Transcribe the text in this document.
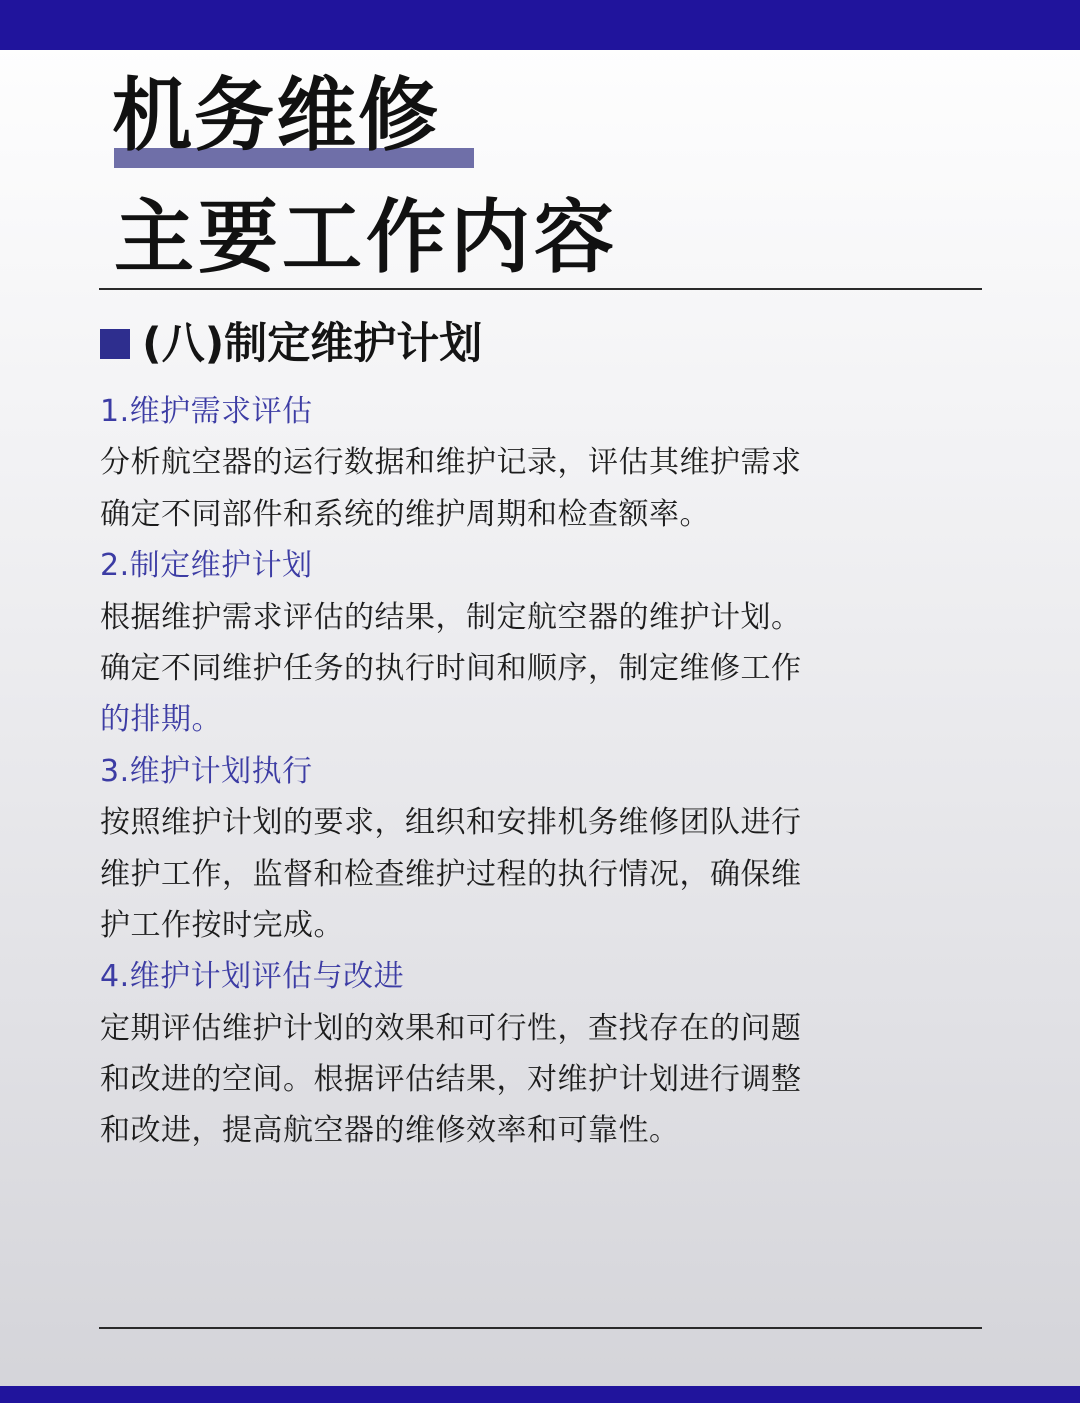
机务维修
主要工作内容
(八)制定维护计划
1.维护需求评估
分析航空器的运行数据和维护记录，评估其维护需求
确定不同部件和系统的维护周期和检查额率。
2.制定维护计划
根据维护需求评估的结果，制定航空器的维护计划。
确定不同维护任务的执行时间和顺序，制定维修工作
的排期。
3.维护计划执行
按照维护计划的要求，组织和安排机务维修团队进行
维护工作，监督和检查维护过程的执行情况，确保维
护工作按时完成。
4.维护计划评估与改进
定期评估维护计划的效果和可行性，查找存在的问题
和改进的空间。根据评估结果，对维护计划进行调整
和改进，提高航空器的维修效率和可靠性。
